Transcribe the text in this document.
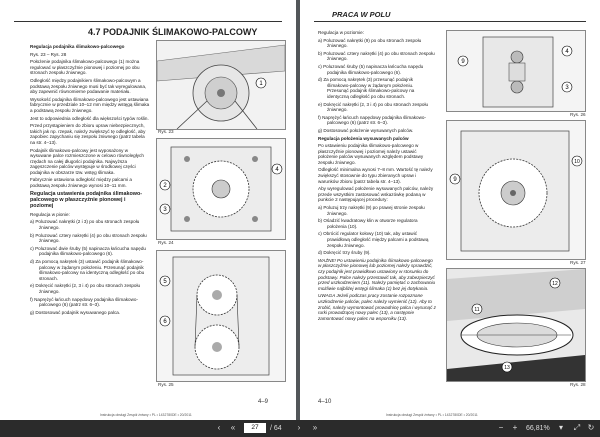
4.7 PODAJNIK ŚLIMAKOWO-PALCOWY

Regulacja podajnika ślimakowo-palcowego

Rys. 23 – Rys. 28

Położenie podajnika ślimakowo-palcowego (1) można regulować w płaszczyźnie pionowej i poziomej po obu stronach zespołu żniwnego.

Odległość między podajnikiem ślimakowo-palcowym a podstawą zespołu żniwnego musi być tak wyregulowana, aby zapewnić równomierne podawanie materiału.

Wysokość podajnika ślimakowo-palcowego jest ustawiana fabrycznie w przedziale 10–12 mm między wstęgą ślimaka a podstawą zespołu żniwnego.

Jest to odpowiednia odległość dla większości typów roślin.

Przed przystąpieniem do zbioru upraw niebezpiecznych, takich jak np. rzepak, należy zwiększyć tę odległość, aby zapobiec zapychaniu się zespołu żniwnego (patrz tabela na str. 4–13).

Podajnik ślimakowo-palcowy jest wyposażony w wysuwane palce rozmieszczone w celowo równoległych rzędach na całej długości podajnika. Najwyższa zagęszczenie palców występuje w środkowej części podajnika w obszarze tzw. wstęg ślimaka.

Fabrycznie ustawiona odległość między palcami a podstawą zespołu żniwnego wynosi 10–11 mm.

Regulacja ustawienia podajnika ślimakowo-palcowego w płaszczyźnie pionowej i poziomej

Regulacja w pionie:

a) Poluzować nakrętki (2 i 3) po obu stronach zespołu żniwnego.

b) Poluzować cztery nakrętki (4) po obu stronach zespołu żniwnego.

c) Poluzować dwie śruby (5) napinacza łańcucha napędu podajnika ślimakowo-palcowego (6).

d) Za pomocą nakrętek (3) ustawić podajnik ślimakowo-palcowy w żądanym położeniu. Przesunąć podajnik ślimakowo-palcowy na identyczną odległość po obu stronach.

e) Dokręcić nakrętki (2, 3 i 4) po obu stronach zespołu żniwnego.

f) Naprężyć łańcuch napędowy podajnika ślimakowo-palcowego (6) (patrz str. 6–3).

g) Dostosować podajnik wysuwanego palca.

1
Rys. 23
2
3
4
Rys. 24
5
6
Rys. 25
4–9
Instrukcja obsługi Zespół żniwny • PL • 1432780DE • 20/2011
PRACA W POLU

Regulacja w poziomie:

a) Poluzować nakrętki (9) po obu stronach zespołu żniwnego.

b) Poluzować cztery nakrętki (4) po obu stronach zespołu żniwnego.

c) Poluzować śruby (5) napinacza łańcucha napędu podajnika ślimakowo-palcowego (6).

d) Za pomocą nakrętek (3) przesunąć podajnik ślimakowo-palcowy w żądanym położeniu. Przesunąć podajnik ślimakowo-palcowy na identyczną odległość po obu stronach.

e) Dokręcić nakrętki (2, 3 i 4) po obu stronach zespołu żniwnego.

f) Naprężyć łańcuch napędowy podajnika ślimakowo-palcowego (6) (patrz str. 6–3).

g) Dostosować położenie wysuwanych palców.

Regulacja położenia wysuwanych palców

Po ustawieniu podajnika ślimakowo-palcowego w płaszczyźnie pionowej i poziomej należy ustawić położenie palców wysuwanych względem podstawy zespołu żniwnego.

Odległość minimalna wynosi 7–8 mm. Wartość tę należy zwiększyć stosownie do typu zbieranych upraw i warunków zbioru (patrz tabela str. 4–13).

Aby wyregulować położenie wysuwanych palców, należy przede wszystkim zastosować wskazówkę podaną w punkcie 2 następującej procedury:

a) Poluzuj trzy nakrętki (9) po prawej stronie zespołu żniwnego.

b) Ośadzić kwadratowy klin w otworze regulatora położenia (10).

c) Obrócić regulator kołowy (10) tak, aby ustawić prawidłową odległość między palcami a podstawą zespołu żniwnego.

d) Dokręcić trzy śruby (9).

WAŻNE! Po ustawieniu podajnika ślimakowo-palcowego w płaszczyźnie pionowej lub poziomej należy sprawdzić, czy podajnik jest prawidłowo ustawiony w stosunku do podstawy. Palce należy przestawić tak, aby zabezpieczyć przed uszkodzeniem (11). Należy pamiętać o zachowaniu możliwie najbliżej wstęgi ślimaka (1) bez jej dotykania.

UWAGA Jeżeli podczas pracy zostanie rozpoznane uszkodzenie palców, palec należy wymienić (12). Aby to zrobić, należy wymontować prowadnicę palca i wysunąć z rurki prowadzącej nowy palec (13), a następnie zamontować nowy palec na wsporniku (13).

9
4
3
Rys. 26
9
10
Rys. 27
12
11
13
Rys. 28
4–10
Instrukcja obsługi Zespół żniwny • PL • 1432780DE • 20/2011
‹	«	27	/ 64	›	»	−	+	66,81%	▾	⤢ ↻
